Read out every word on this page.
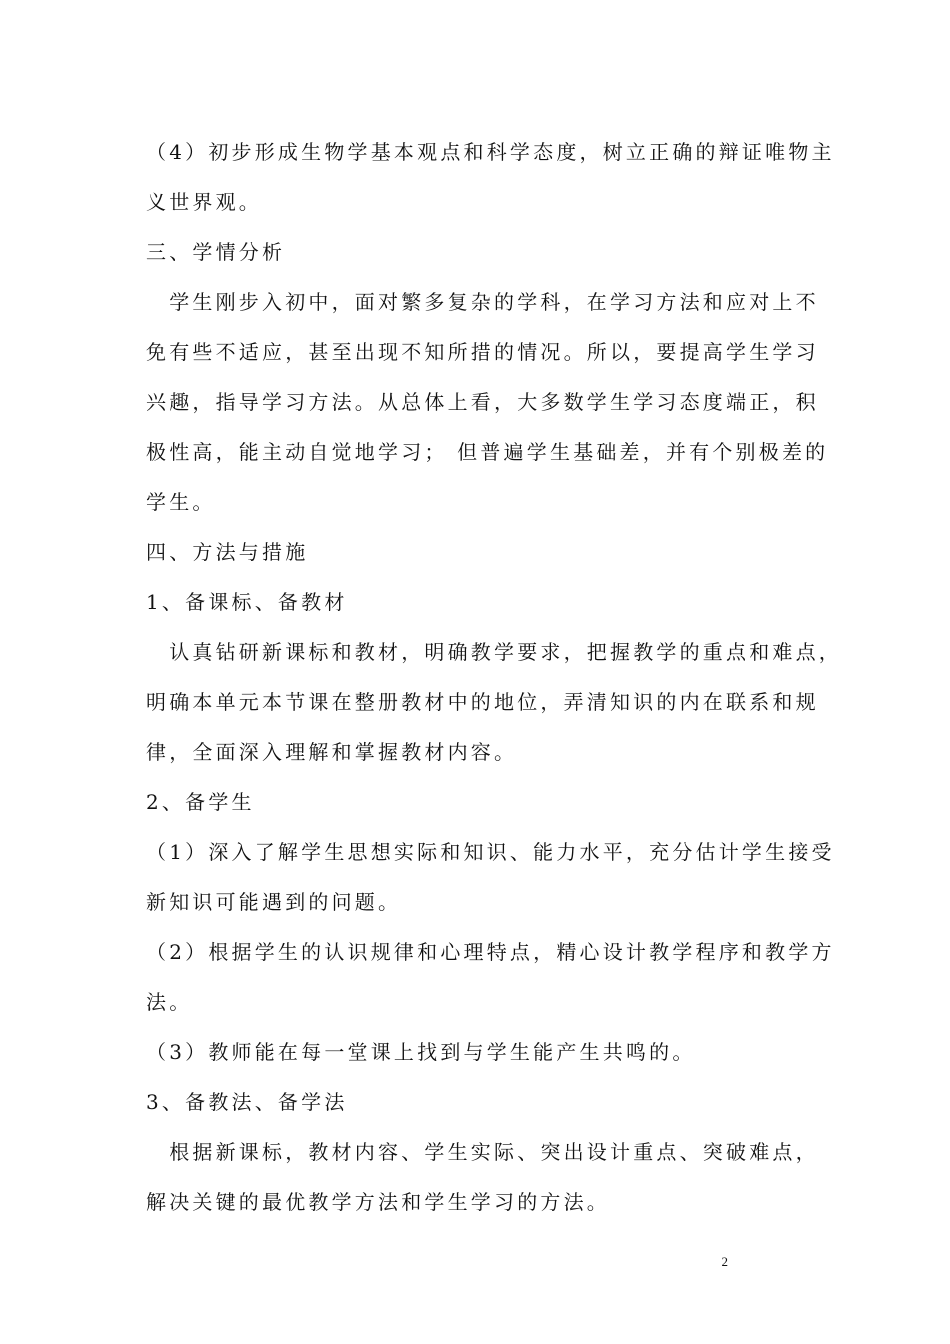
（4）初步形成生物学基本观点和科学态度，树立正确的辩证唯物主
义世界观。
三、学情分析
　学生刚步入初中，面对繁多复杂的学科，在学习方法和应对上不
免有些不适应，甚至出现不知所措的情况。所以，要提高学生学习
兴趣，指导学习方法。从总体上看，大多数学生学习态度端正，积
极性高，能主动自觉地学习； 但普遍学生基础差，并有个别极差的
学生。
四、方法与措施
1、备课标、备教材
　认真钻研新课标和教材，明确教学要求，把握教学的重点和难点，
明确本单元本节课在整册教材中的地位，弄清知识的内在联系和规
律，全面深入理解和掌握教材内容。
2、备学生
（1）深入了解学生思想实际和知识、能力水平，充分估计学生接受
新知识可能遇到的问题。
（2）根据学生的认识规律和心理特点，精心设计教学程序和教学方
法。
（3）教师能在每一堂课上找到与学生能产生共鸣的。
3、备教法、备学法
　根据新课标，教材内容、学生实际、突出设计重点、突破难点，
解决关键的最优教学方法和学生学习的方法。
2
